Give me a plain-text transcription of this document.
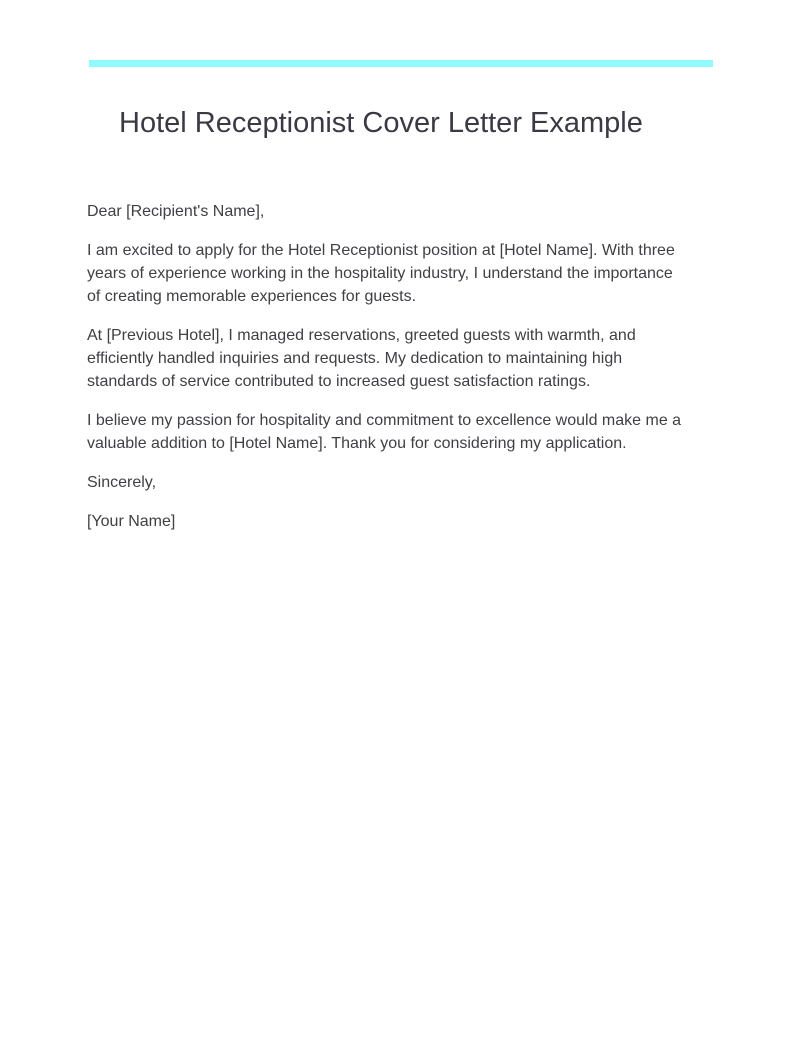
Hotel Receptionist Cover Letter Example

Dear [Recipient's Name],

I am excited to apply for the Hotel Receptionist position at [Hotel Name]. With three years of experience working in the hospitality industry, I understand the importance of creating memorable experiences for guests.

At [Previous Hotel], I managed reservations, greeted guests with warmth, and efficiently handled inquiries and requests. My dedication to maintaining high standards of service contributed to increased guest satisfaction ratings.

I believe my passion for hospitality and commitment to excellence would make me a valuable addition to [Hotel Name]. Thank you for considering my application.

Sincerely,

[Your Name]
